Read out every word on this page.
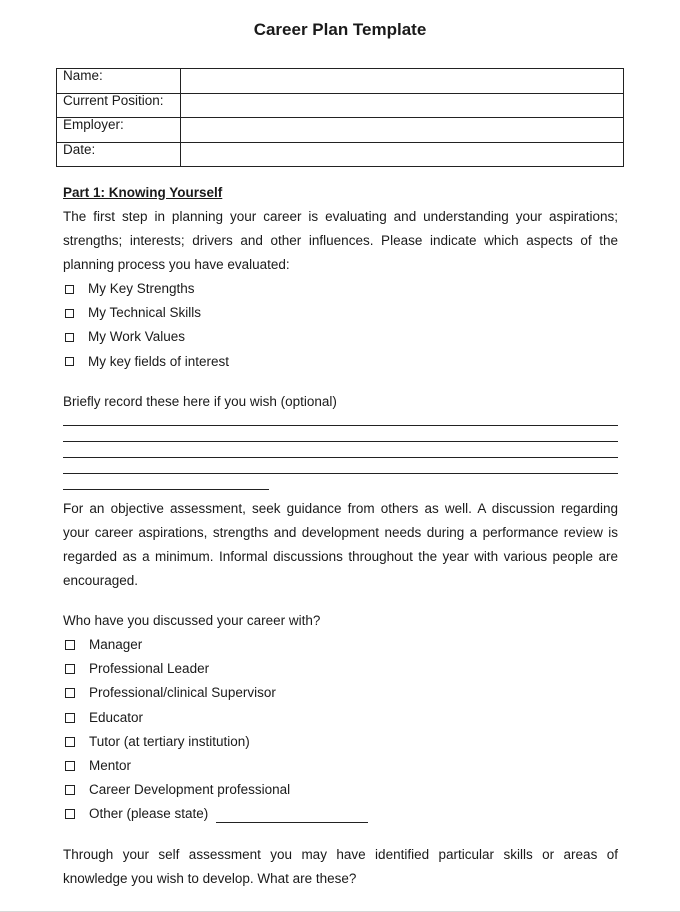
Career Plan Template
Name:	
Current Position:	
Employer:	
Date:	
Part 1: Knowing Yourself
The first step in planning your career is evaluating and understanding your aspirations; strengths; interests; drivers and other influences. Please indicate which aspects of the planning process you have evaluated:
My Key Strengths
My Technical Skills
My Work Values
My key fields of interest
Briefly record these here if you wish (optional)
For an objective assessment, seek guidance from others as well. A discussion regarding your career aspirations, strengths and development needs during a performance review is regarded as a minimum. Informal discussions throughout the year with various people are encouraged.
Who have you discussed your career with?
Manager
Professional Leader
Professional/clinical Supervisor
Educator
Tutor (at tertiary institution)
Mentor
Career Development professional
Other (please state)
Through your self assessment you may have identified particular skills or areas of knowledge you wish to develop. What are these?
